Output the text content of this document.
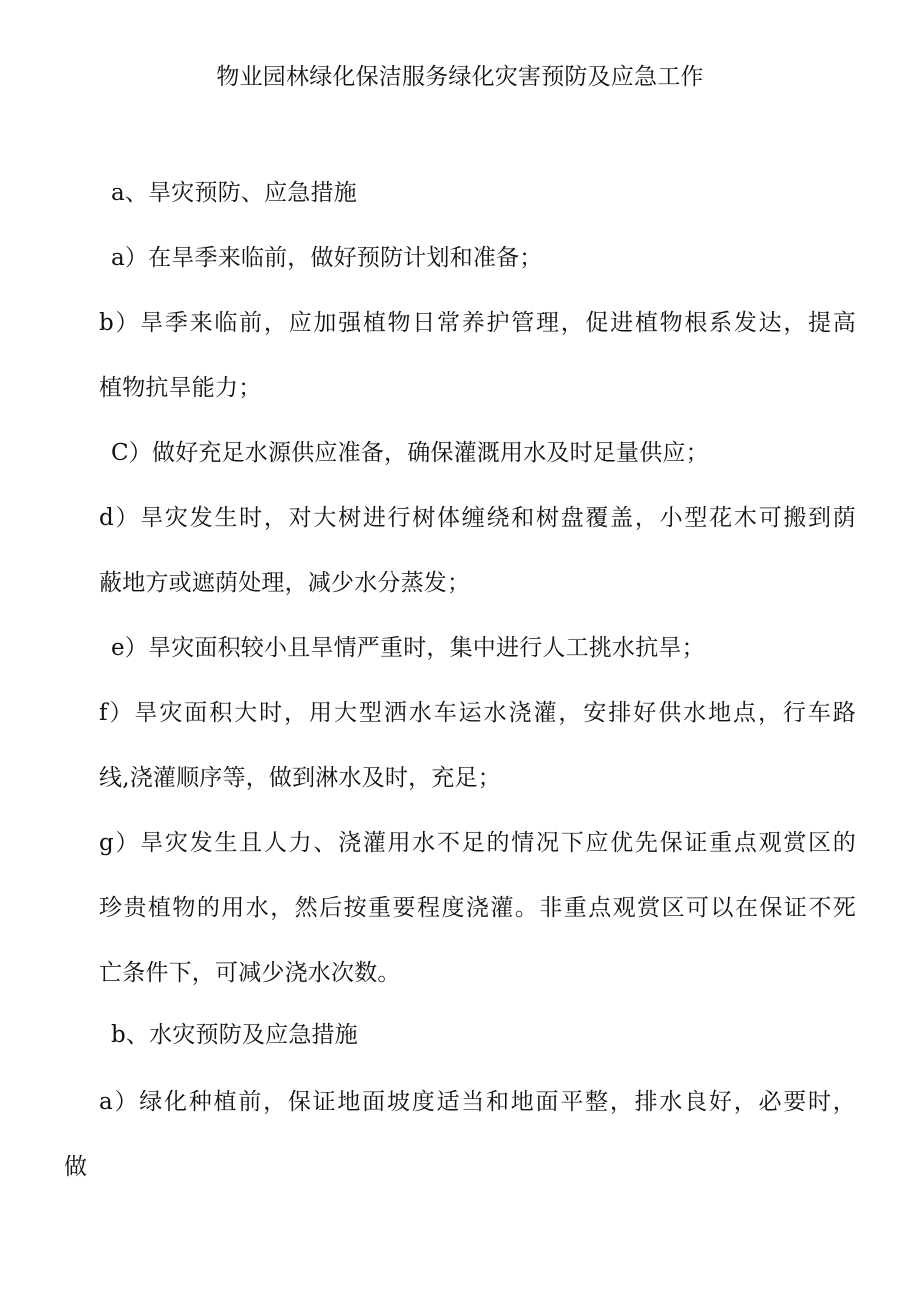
物业园林绿化保洁服务绿化灾害预防及应急工作
a、旱灾预防、应急措施
a）在旱季来临前，做好预防计划和准备；
b）旱季来临前，应加强植物日常养护管理，促进植物根系发达，提高
植物抗旱能力；
C）做好充足水源供应准备，确保灌溉用水及时足量供应；
d）旱灾发生时，对大树进行树体缠绕和树盘覆盖，小型花木可搬到荫
蔽地方或遮荫处理，减少水分蒸发；
e）旱灾面积较小且旱情严重时，集中进行人工挑水抗旱；
f）旱灾面积大时，用大型洒水车运水浇灌，安排好供水地点，行车路
线,浇灌顺序等，做到淋水及时，充足；
g）旱灾发生且人力、浇灌用水不足的情况下应优先保证重点观赏区的
珍贵植物的用水，然后按重要程度浇灌。非重点观赏区可以在保证不死
亡条件下，可减少浇水次数。
b、水灾预防及应急措施
a）绿化种植前，保证地面坡度适当和地面平整，排水良好，必要时，
做
